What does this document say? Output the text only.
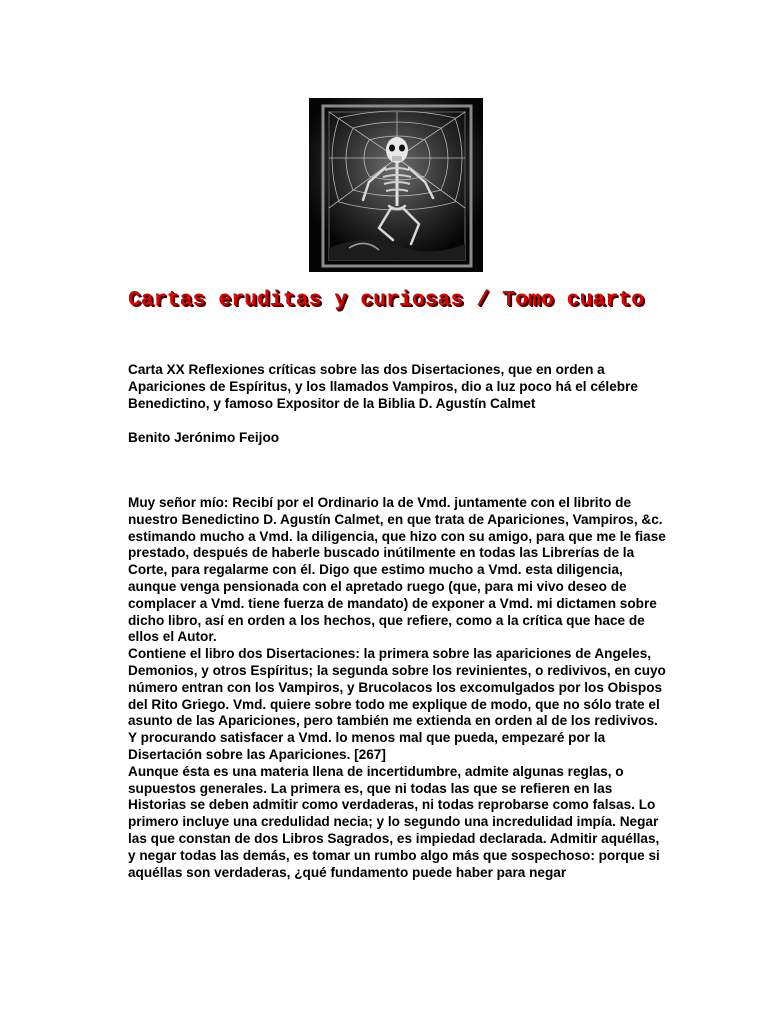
Cartas eruditas y curiosas / Tomo cuarto
Carta XX Reflexiones críticas sobre las dos Disertaciones, que en orden a Apariciones de Espíritus, y los llamados Vampiros, dio a luz poco há el célebre Benedictino, y famoso Expositor de la Biblia D. Agustín Calmet
Benito Jerónimo Feijoo

Muy señor mío: Recibí por el Ordinario la de Vmd. juntamente con el librito de nuestro Benedictino D. Agustín Calmet, en que trata de Apariciones, Vampiros, &c. estimando mucho a Vmd. la diligencia, que hizo con su amigo, para que me le fiase prestado, después de haberle buscado inútilmente en todas las Librerías de la Corte, para regalarme con él. Digo que estimo mucho a Vmd. esta diligencia, aunque venga pensionada con el apretado ruego (que, para mi vivo deseo de complacer a Vmd. tiene fuerza de mandato) de exponer a Vmd. mi dictamen sobre dicho libro, así en orden a los hechos, que refiere, como a la crítica que hace de ellos el Autor.

Contiene el libro dos Disertaciones: la primera sobre las apariciones de Angeles, Demonios, y otros Espíritus; la segunda sobre los revinientes, o redivivos, en cuyo número entran con los Vampiros, y Brucolacos los excomulgados por los Obispos del Rito Griego. Vmd. quiere sobre todo me explique de modo, que no sólo trate el asunto de las Apariciones, pero también me extienda en orden al de los redivivos. Y procurando satisfacer a Vmd. lo menos mal que pueda, empezaré por la Disertación sobre las Apariciones. [267]

Aunque ésta es una materia llena de incertidumbre, admite algunas reglas, o supuestos generales. La primera es, que ni todas las que se refieren en las Historias se deben admitir como verdaderas, ni todas reprobarse como falsas. Lo primero incluye una credulidad necia; y lo segundo una incredulidad impía. Negar las que constan de dos Libros Sagrados, es impiedad declarada. Admitir aquéllas, y negar todas las demás, es tomar un rumbo algo más que sospechoso: porque si aquéllas son verdaderas, ¿qué fundamento puede haber para negar
